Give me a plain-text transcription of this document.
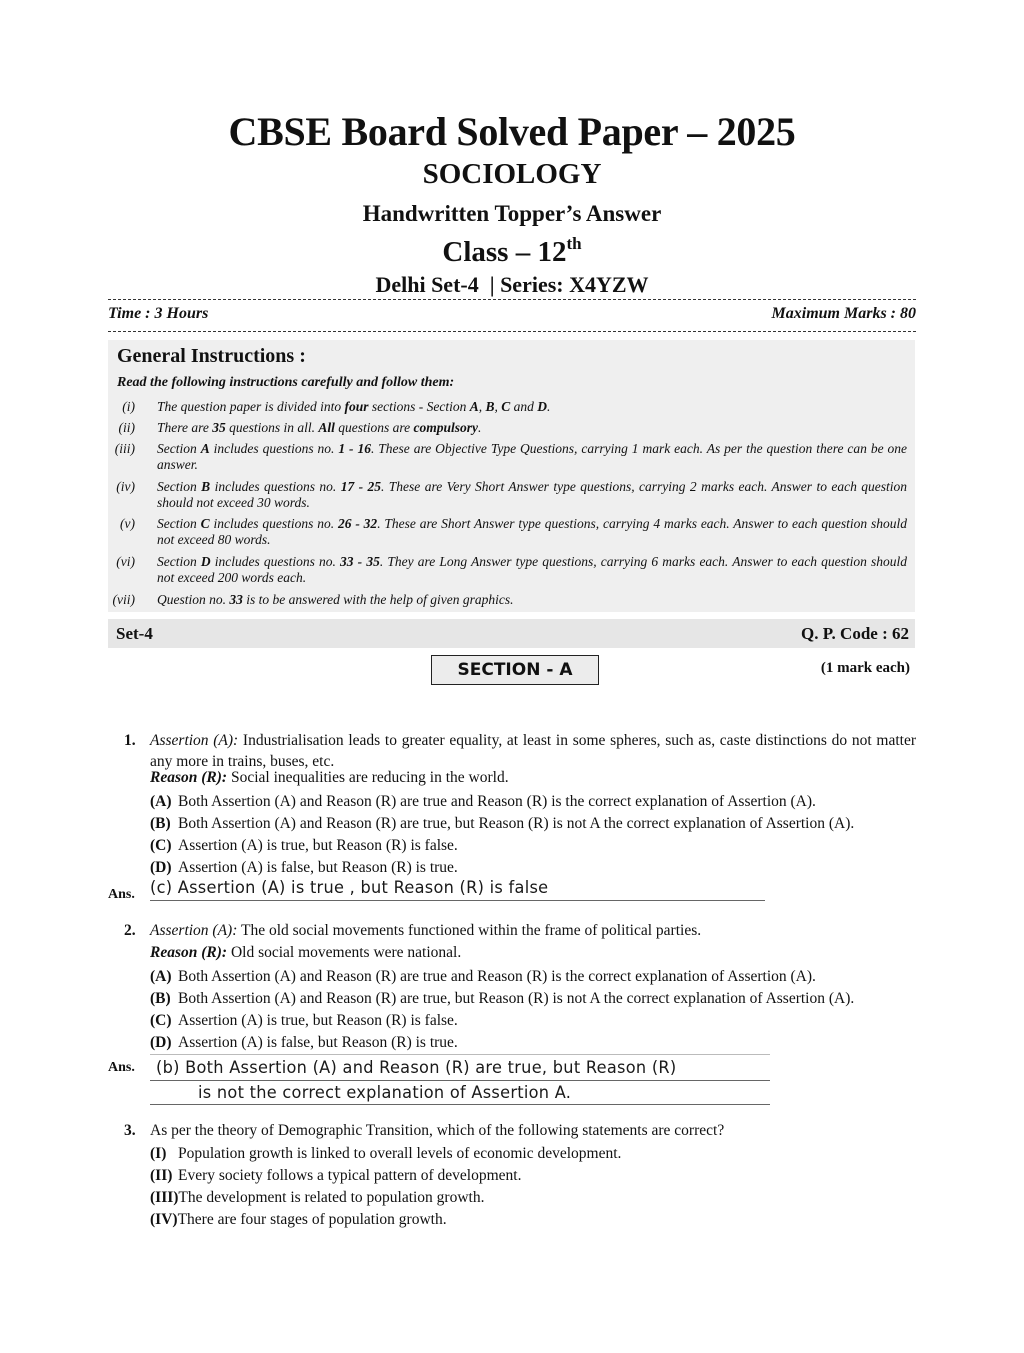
CBSE Board Solved Paper – 2025
SOCIOLOGY
Handwritten Topper’s Answer
Class – 12th
Delhi Set-4  | Series: X4YZW
Time : 3 Hours	Maximum Marks : 80
General Instructions :
Read the following instructions carefully and follow them:
(i) The question paper is divided into four sections - Section A, B, C and D.
(ii) There are 35 questions in all. All questions are compulsory.
(iii) Section A includes questions no. 1 - 16. These are Objective Type Questions, carrying 1 mark each. As per the question there can be one answer.
(iv) Section B includes questions no. 17 - 25. These are Very Short Answer type questions, carrying 2 marks each. Answer to each question should not exceed 30 words.
(v) Section C includes questions no. 26 - 32. These are Short Answer type questions, carrying 4 marks each. Answer to each question should not exceed 80 words.
(vi) Section D includes questions no. 33 - 35. They are Long Answer type questions, carrying 6 marks each. Answer to each question should not exceed 200 words each.
(vii) Question no. 33 is to be answered with the help of given graphics.
Set-4	Q. P. Code : 62
SECTION - A	(1 mark each)
1. Assertion (A): Industrialisation leads to greater equality, at least in some spheres, such as, caste distinctions do not matter any more in trains, buses, etc.
Reason (R): Social inequalities are reducing in the world.
(A) Both Assertion (A) and Reason (R) are true and Reason (R) is the correct explanation of Assertion (A).
(B) Both Assertion (A) and Reason (R) are true, but Reason (R) is not A the correct explanation of Assertion (A).
(C) Assertion (A) is true, but Reason (R) is false.
(D) Assertion (A) is false, but Reason (R) is true.
Ans. (c) Assertion (A) is true , but Reason (R) is false
2. Assertion (A): The old social movements functioned within the frame of political parties.
Reason (R): Old social movements were national.
(A) Both Assertion (A) and Reason (R) are true and Reason (R) is the correct explanation of Assertion (A).
(B) Both Assertion (A) and Reason (R) are true, but Reason (R) is not A the correct explanation of Assertion (A).
(C) Assertion (A) is true, but Reason (R) is false.
(D) Assertion (A) is false, but Reason (R) is true.
Ans. (b) Both Assertion (A) and Reason (R) are true, but Reason (R)
is not the correct explanation of Assertion A.
3. As per the theory of Demographic Transition, which of the following statements are correct?
(I) Population growth is linked to overall levels of economic development.
(II) Every society follows a typical pattern of development.
(III)The development is related to population growth.
(IV)There are four stages of population growth.
